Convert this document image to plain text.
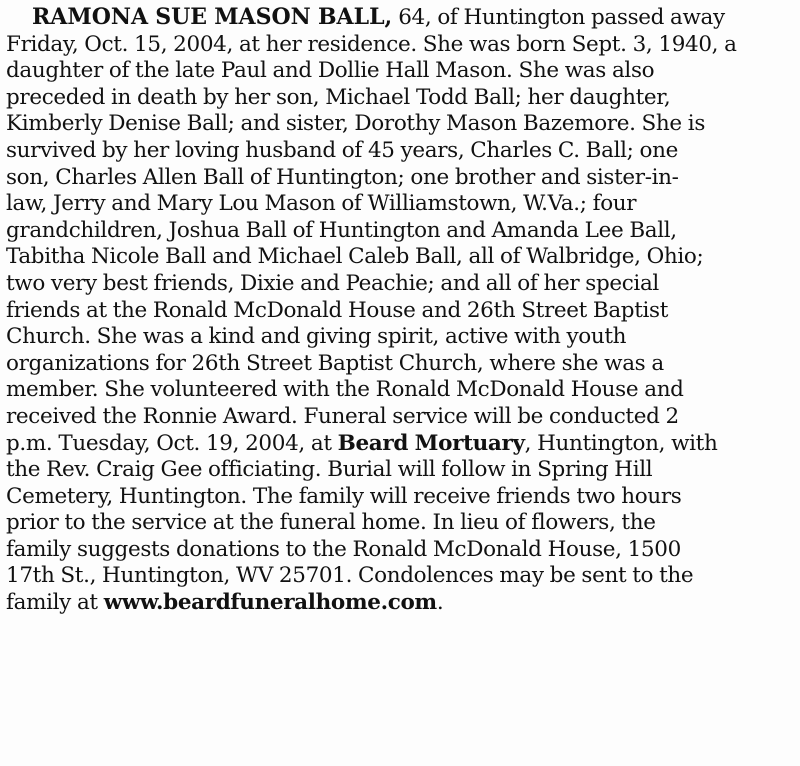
RAMONA SUE MASON BALL, 64, of Huntington passed away
Friday, Oct. 15, 2004, at her residence. She was born Sept. 3, 1940, a
daughter of the late Paul and Dollie Hall Mason. She was also
preceded in death by her son, Michael Todd Ball; her daughter,
Kimberly Denise Ball; and sister, Dorothy Mason Bazemore. She is
survived by her loving husband of 45 years, Charles C. Ball; one
son, Charles Allen Ball of Huntington; one brother and sister-in-
law, Jerry and Mary Lou Mason of Williamstown, W.Va.; four
grandchildren, Joshua Ball of Huntington and Amanda Lee Ball,
Tabitha Nicole Ball and Michael Caleb Ball, all of Walbridge, Ohio;
two very best friends, Dixie and Peachie; and all of her special
friends at the Ronald McDonald House and 26th Street Baptist
Church. She was a kind and giving spirit, active with youth
organizations for 26th Street Baptist Church, where she was a
member. She volunteered with the Ronald McDonald House and
received the Ronnie Award. Funeral service will be conducted 2
p.m. Tuesday, Oct. 19, 2004, at Beard Mortuary, Huntington, with
the Rev. Craig Gee officiating. Burial will follow in Spring Hill
Cemetery, Huntington. The family will receive friends two hours
prior to the service at the funeral home. In lieu of flowers, the
family suggests donations to the Ronald McDonald House, 1500
17th St., Huntington, WV 25701. Condolences may be sent to the
family at www.beardfuneralhome.com.
